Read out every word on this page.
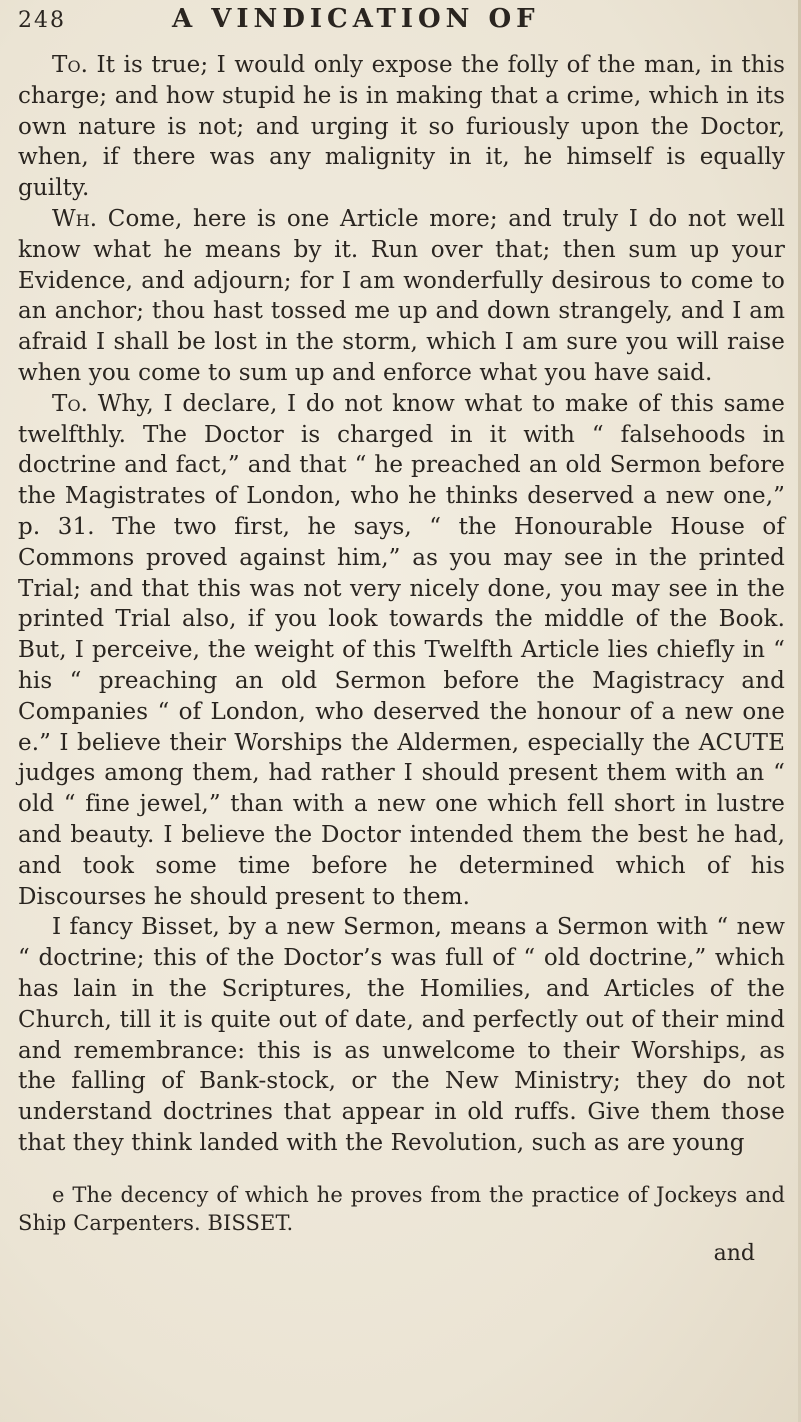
248	A VINDICATION OF

To. It is true; I would only expose the folly of the man, in this charge; and how stupid he is in making that a crime, which in its own nature is not; and urging it so furiously upon the Doctor, when, if there was any malignity in it, he himself is equally guilty.

Wh. Come, here is one Article more; and truly I do not well know what he means by it. Run over that; then sum up your Evidence, and adjourn; for I am wonderfully desirous to come to an anchor; thou hast tossed me up and down strangely, and I am afraid I shall be lost in the storm, which I am sure you will raise when you come to sum up and enforce what you have said.

To. Why, I declare, I do not know what to make of this same twelfthly. The Doctor is charged in it with “ falsehoods in doctrine and fact,” and that “ he preached an old Sermon before the Magistrates of London, who he thinks deserved a new one,” p. 31. The two first, he says, “ the Honourable House of Commons proved against him,” as you may see in the printed Trial; and that this was not very nicely done, you may see in the printed Trial also, if you look towards the middle of the Book. But, I perceive, the weight of this Twelfth Article lies chiefly in “ his “ preaching an old Sermon before the Magistracy and Companies “ of London, who deserved the honour of a new one e.” I believe their Worships the Aldermen, especially the ACUTE judges among them, had rather I should present them with an “ old “ fine jewel,” than with a new one which fell short in lustre and beauty. I believe the Doctor intended them the best he had, and took some time before he determined which of his Discourses he should present to them.

I fancy Bisset, by a new Sermon, means a Sermon with “ new “ doctrine; this of the Doctor’s was full of “ old doctrine,” which has lain in the Scriptures, the Homilies, and Articles of the Church, till it is quite out of date, and perfectly out of their mind and remembrance: this is as unwelcome to their Worships, as the falling of Bank-stock, or the New Ministry; they do not understand doctrines that appear in old ruffs. Give them those that they think landed with the Revolution, such as are young

e The decency of which he proves from the practice of Jockeys and Ship Carpenters. BISSET.

and
